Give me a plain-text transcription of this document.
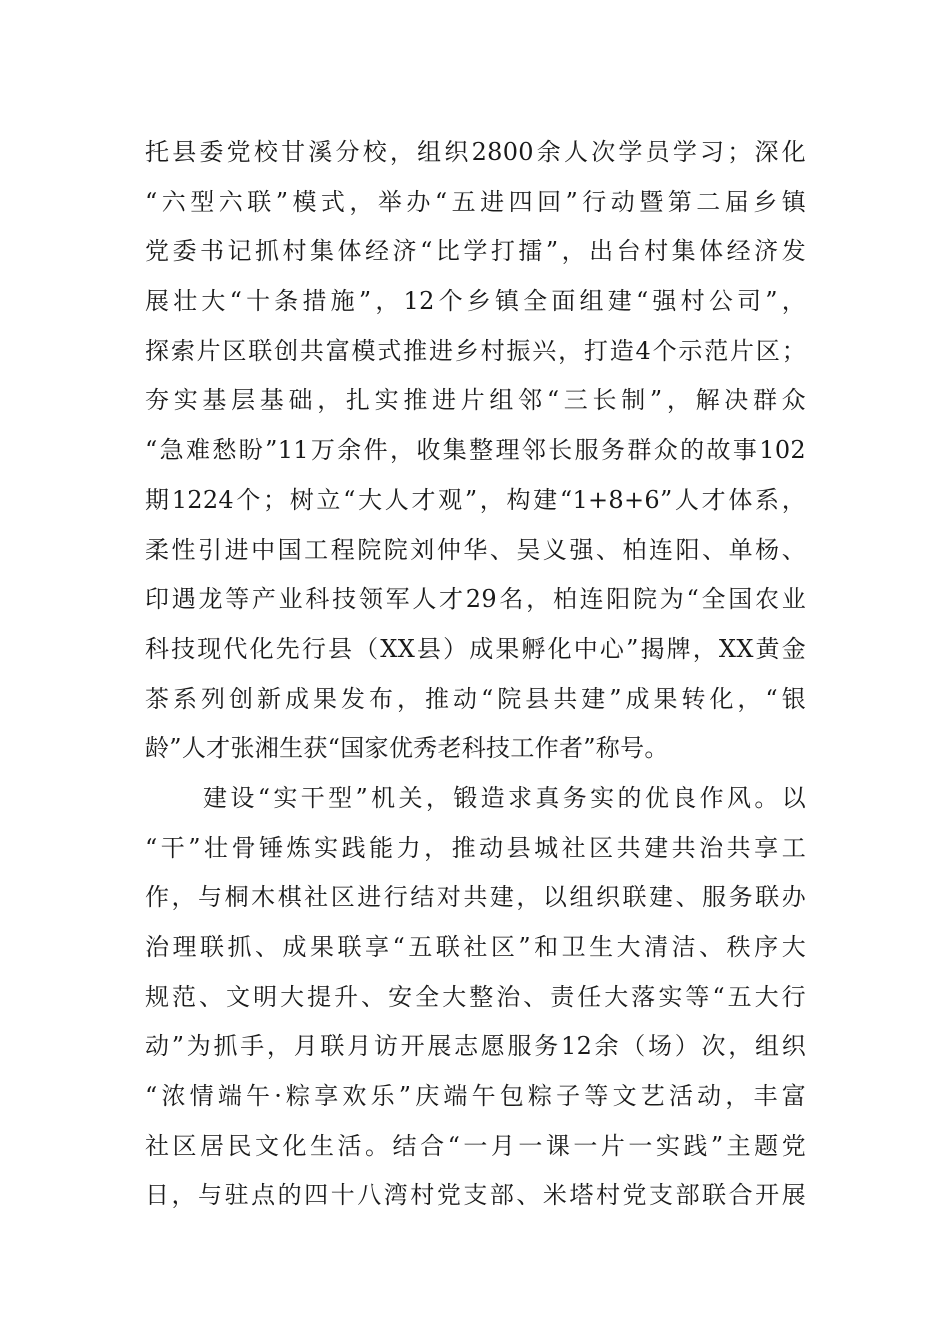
托县委党校甘溪分校，组织2800余人次学员学习；深化
“六型六联”模式，举办“五进四回”行动暨第二届乡镇
党委书记抓村集体经济“比学打擂”，出台村集体经济发
展壮大“十条措施”，12个乡镇全面组建“强村公司”，
探索片区联创共富模式推进乡村振兴，打造4个示范片区；
夯实基层基础，扎实推进片组邻“三长制”，解决群众
“急难愁盼”11万余件，收集整理邻长服务群众的故事102
期1224个；树立“大人才观”，构建“1+8+6”人才体系，
柔性引进中国工程院院刘仲华、吴义强、柏连阳、单杨、
印遇龙等产业科技领军人才29名，柏连阳院为“全国农业
科技现代化先行县（XX县）成果孵化中心”揭牌，XX黄金
茶系列创新成果发布，推动“院县共建”成果转化，“银
龄”人才张湘生获“国家优秀老科技工作者”称号。
建设“实干型”机关，锻造求真务实的优良作风。以
“干”壮骨锤炼实践能力，推动县城社区共建共治共享工
作，与桐木棋社区进行结对共建，以组织联建、服务联办
治理联抓、成果联享“五联社区”和卫生大清洁、秩序大
规范、文明大提升、安全大整治、责任大落实等“五大行
动”为抓手，月联月访开展志愿服务12余（场）次，组织
“浓情端午·粽享欢乐”庆端午包粽子等文艺活动，丰富
社区居民文化生活。结合“一月一课一片一实践”主题党
日，与驻点的四十八湾村党支部、米塔村党支部联合开展
